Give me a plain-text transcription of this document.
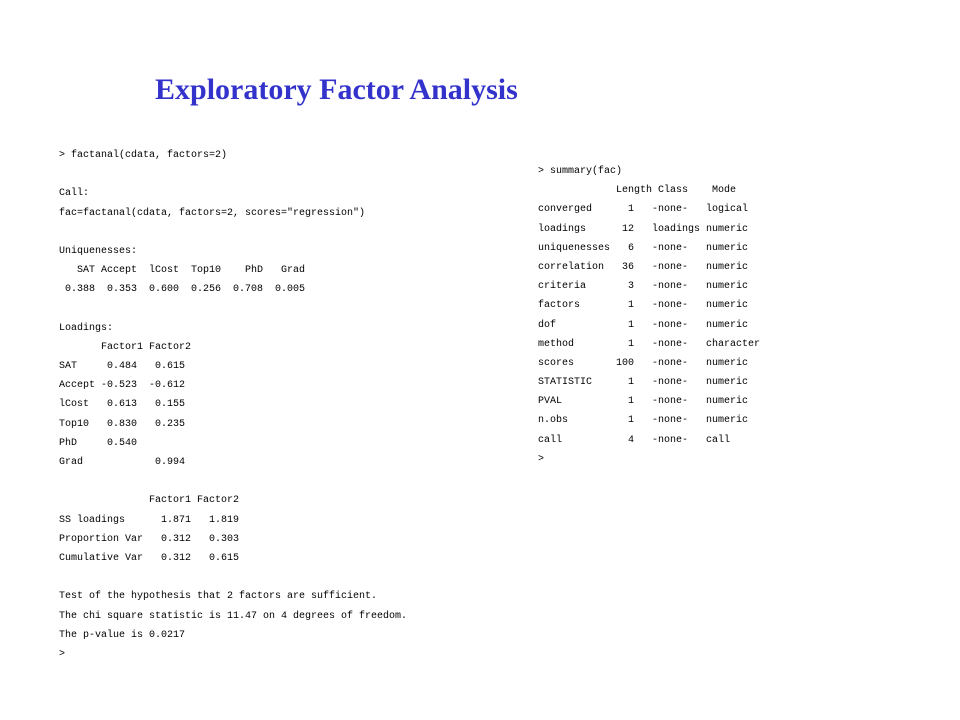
Exploratory Factor Analysis
> factanal(cdata, factors=2)
Call:
fac=factanal(cdata, factors=2, scores="regression")
Uniquenesses:
SAT Accept  lCost  Top10    PhD   Grad
0.388  0.353  0.600  0.256  0.708  0.005
Loadings:
Factor1 Factor2
SAT     0.484   0.615
Accept -0.523  -0.612
lCost   0.613   0.155
Top10   0.830   0.235
PhD     0.540
Grad            0.994
Factor1 Factor2
SS loadings      1.871   1.819
Proportion Var   0.312   0.303
Cumulative Var   0.312   0.615
Test of the hypothesis that 2 factors are sufficient.
The chi square statistic is 11.47 on 4 degrees of freedom.
The p-value is 0.0217
>
> summary(fac)
Length Class    Mode
converged      1   -none-   logical
loadings      12   loadings numeric
uniquenesses   6   -none-   numeric
correlation   36   -none-   numeric
criteria       3   -none-   numeric
factors        1   -none-   numeric
dof            1   -none-   numeric
method         1   -none-   character
scores       100   -none-   numeric
STATISTIC      1   -none-   numeric
PVAL           1   -none-   numeric
n.obs          1   -none-   numeric
call           4   -none-   call
>
